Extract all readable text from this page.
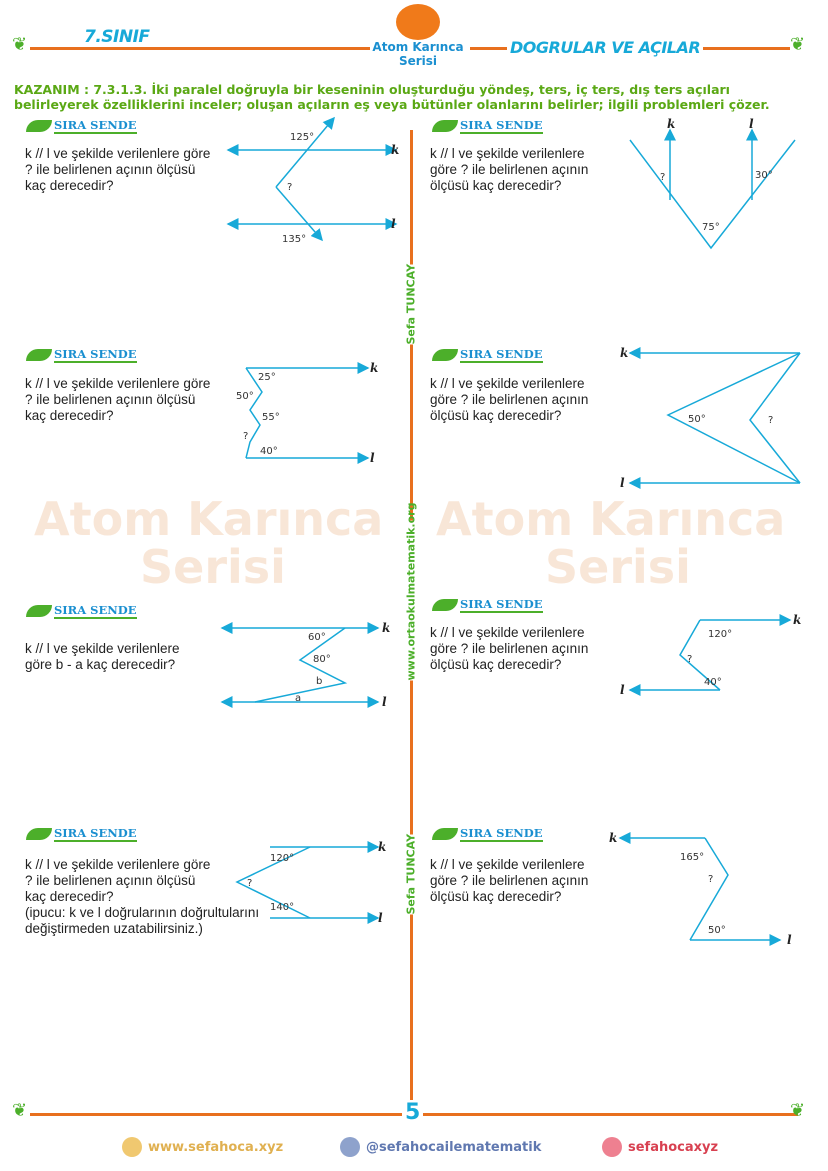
❦	❦
7.SINIF
DOGRULAR VE AÇILAR
Atom Karınca
Serisi
KAZANIM : 7.3.1.3. İki paralel doğruyla bir keseninin oluşturduğu yöndeş, ters, iç ters, dış ters açıları belirleyerek özelliklerini inceler; oluşan açıların eş veya bütünler olanlarını belirler; ilgili problemleri çözer.
Sefa TUNCAY
www.ortaokulmatematik.org
Sefa TUNCAY
Atom Karınca
Serisi
Atom Karınca
Serisi
SIRA SENDE
k // l ve şekilde verilenlere göre ? ile belirlenen açının ölçüsü kaç derecedir?
SIRA SENDE
k // l ve şekilde verilenlere göre ? ile belirlenen açının ölçüsü kaç derecedir?
SIRA SENDE
k // l ve şekilde verilenlere göre ? ile belirlenen açının ölçüsü kaç derecedir?
SIRA SENDE
k // l ve şekilde verilenlere göre ? ile belirlenen açının ölçüsü kaç derecedir?
SIRA SENDE
k // l ve şekilde verilenlere göre b - a kaç derecedir?
SIRA SENDE
k // l ve şekilde verilenlere göre ? ile belirlenen açının ölçüsü kaç derecedir?
SIRA SENDE
k // l ve şekilde verilenlere göre ? ile belirlenen açının ölçüsü kaç derecedir?
(ipucu: k ve l doğrularının doğrultularını değiştirmeden uzatabilirsiniz.)
SIRA SENDE
k // l ve şekilde verilenlere göre ? ile belirlenen açının ölçüsü kaç derecedir?
125°
?
135°
k
l
?	30°
75°
k	l
25°
50°
55°
?
40°
k
l
50°	?
k
l
60°
80°
b
a
k
l
120°
?
40°
k
l
120°
?
140°
k
l
165°
?
50°
k
l
❦	❦
5
www.sefahoca.xyz	@sefahocailematematik	sefahocaxyz
